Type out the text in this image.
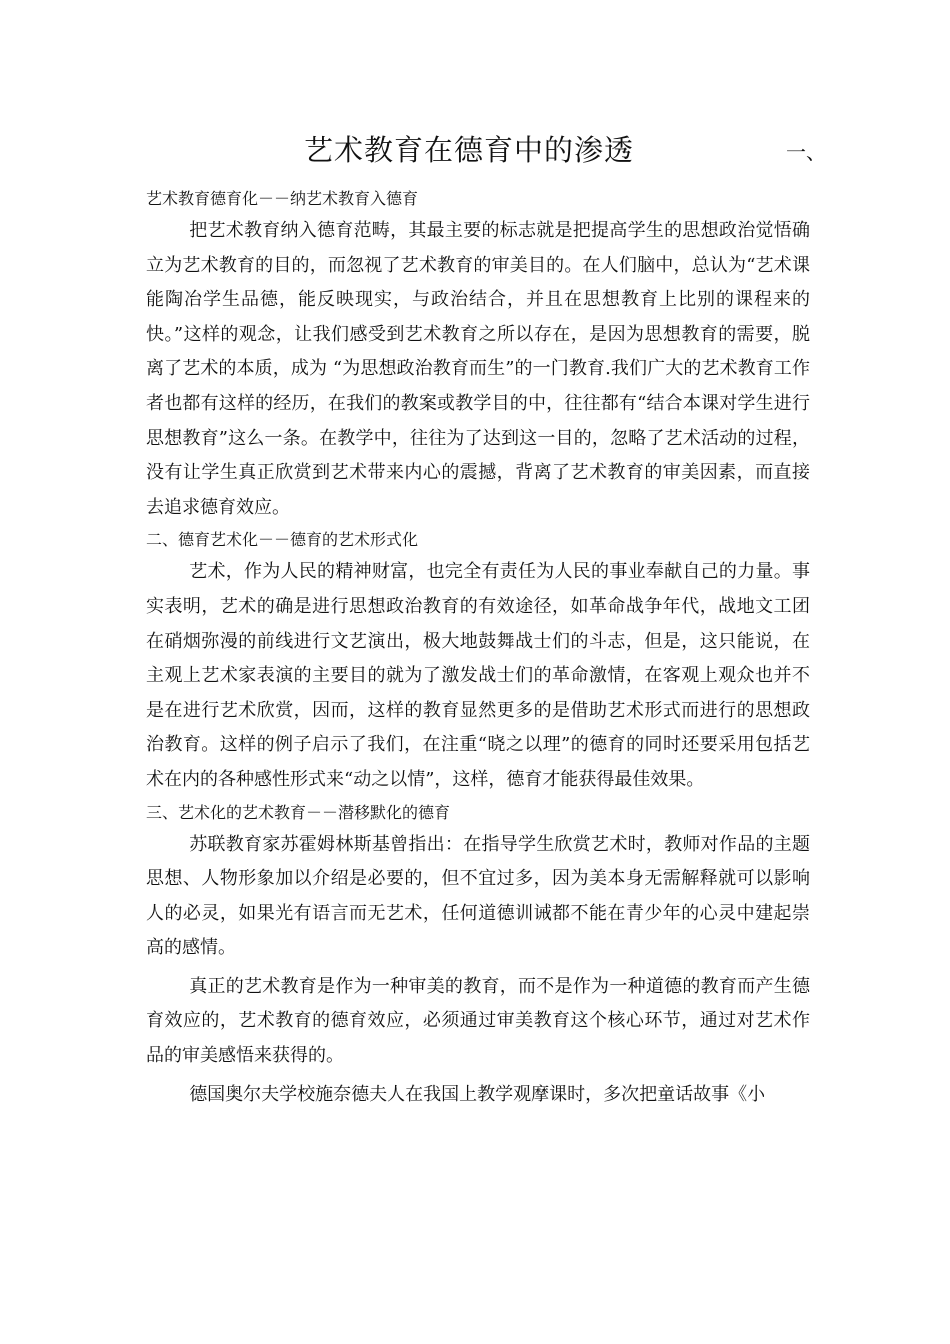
艺术教育在德育中的渗透	一、
艺术教育德育化－－纳艺术教育入德育

把艺术教育纳入德育范畴，其最主要的标志就是把提高学生的思想政治觉悟确立为艺术教育的目的，而忽视了艺术教育的审美目的。在人们脑中，总认为“艺术课能陶冶学生品德，能反映现实，与政治结合，并且在思想教育上比别的课程来的快。”这样的观念，让我们感受到艺术教育之所以存在，是因为思想教育的需要，脱离了艺术的本质，成为 “为思想政治教育而生”的一门教育.我们广大的艺术教育工作者也都有这样的经历，在我们的教案或教学目的中，往往都有“结合本课对学生进行思想教育”这么一条。在教学中，往往为了达到这一目的，忽略了艺术活动的过程，没有让学生真正欣赏到艺术带来内心的震撼，背离了艺术教育的审美因素，而直接去追求德育效应。

二、德育艺术化－－德育的艺术形式化

艺术，作为人民的精神财富，也完全有责任为人民的事业奉献自己的力量。事实表明，艺术的确是进行思想政治教育的有效途径，如革命战争年代，战地文工团在硝烟弥漫的前线进行文艺演出，极大地鼓舞战士们的斗志，但是，这只能说，在主观上艺术家表演的主要目的就为了激发战士们的革命激情，在客观上观众也并不是在进行艺术欣赏，因而，这样的教育显然更多的是借助艺术形式而进行的思想政治教育。这样的例子启示了我们，在注重“晓之以理”的德育的同时还要采用包括艺术在内的各种感性形式来“动之以情”，这样，德育才能获得最佳效果。

三、艺术化的艺术教育－－潜移默化的德育

苏联教育家苏霍姆林斯基曾指出：在指导学生欣赏艺术时，教师对作品的主题思想、人物形象加以介绍是必要的，但不宜过多，因为美本身无需解释就可以影响人的必灵，如果光有语言而无艺术，任何道德训诫都不能在青少年的心灵中建起崇高的感情。

真正的艺术教育是作为一种审美的教育，而不是作为一种道德的教育而产生德育效应的，艺术教育的德育效应，必须通过审美教育这个核心环节，通过对艺术作品的审美感悟来获得的。

德国奥尔夫学校施奈德夫人在我国上教学观摩课时，多次把童话故事《小
